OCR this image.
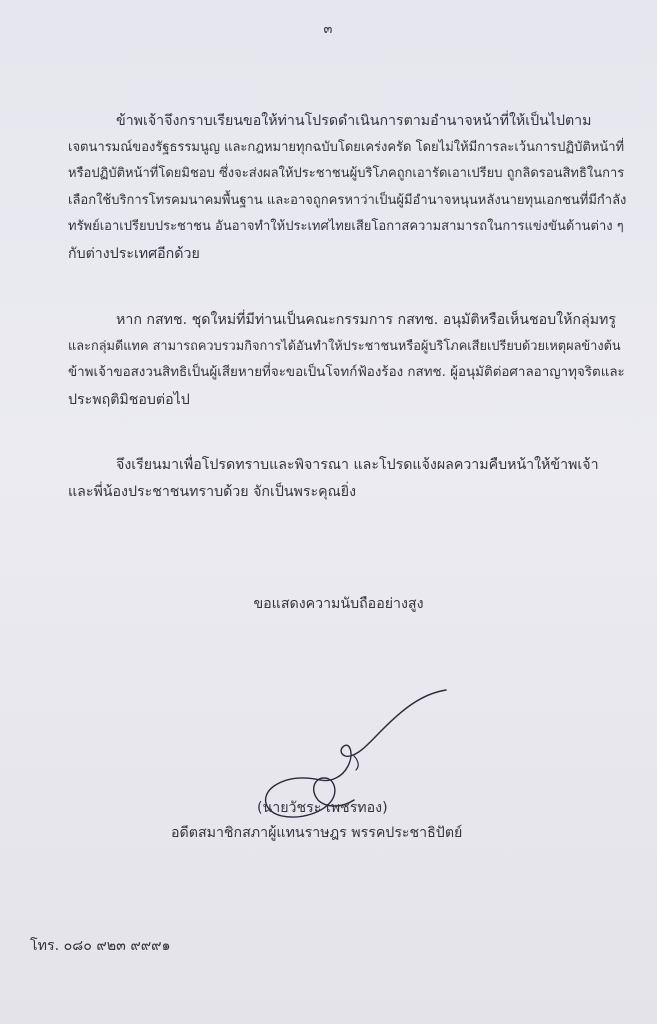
๓
ข้าพเจ้าจึงกราบเรียนขอให้ท่านโปรดดำเนินการตามอำนาจหน้าที่ให้เป็นไปตาม
เจตนารมณ์ของรัฐธรรมนูญ และกฎหมายทุกฉบับโดยเคร่งครัด โดยไม่ให้มีการละเว้นการปฏิบัติหน้าที่
หรือปฏิบัติหน้าที่โดยมิชอบ ซึ่งจะส่งผลให้ประชาชนผู้บริโภคถูกเอารัดเอาเปรียบ ถูกลิดรอนสิทธิในการ
เลือกใช้บริการโทรคมนาคมพื้นฐาน และอาจถูกครหาว่าเป็นผู้มีอำนาจหนุนหลังนายทุนเอกชนที่มีกำลัง
ทรัพย์เอาเปรียบประชาชน อันอาจทำให้ประเทศไทยเสียโอกาสความสามารถในการแข่งขันด้านต่าง ๆ
กับต่างประเทศอีกด้วย
หาก กสทช. ชุดใหม่ที่มีท่านเป็นคณะกรรมการ กสทช. อนุมัติหรือเห็นชอบให้กลุ่มทรู
และกลุ่มดีแทค สามารถควบรวมกิจการได้อันทำให้ประชาชนหรือผู้บริโภคเสียเปรียบด้วยเหตุผลข้างต้น
ข้าพเจ้าขอสงวนสิทธิเป็นผู้เสียหายที่จะขอเป็นโจทก์ฟ้องร้อง กสทช. ผู้อนุมัติต่อศาลอาญาทุจริตและ
ประพฤติมิชอบต่อไป
จึงเรียนมาเพื่อโปรดทราบและพิจารณา และโปรดแจ้งผลความคืบหน้าให้ข้าพเจ้า
และพี่น้องประชาชนทราบด้วย จักเป็นพระคุณยิ่ง
ขอแสดงความนับถืออย่างสูง
(นายวัชระ เพชรทอง)
อดีตสมาชิกสภาผู้แทนราษฎร พรรคประชาธิปัตย์
โทร. ๐๘๐ ๙๒๓ ๙๙๙๑
